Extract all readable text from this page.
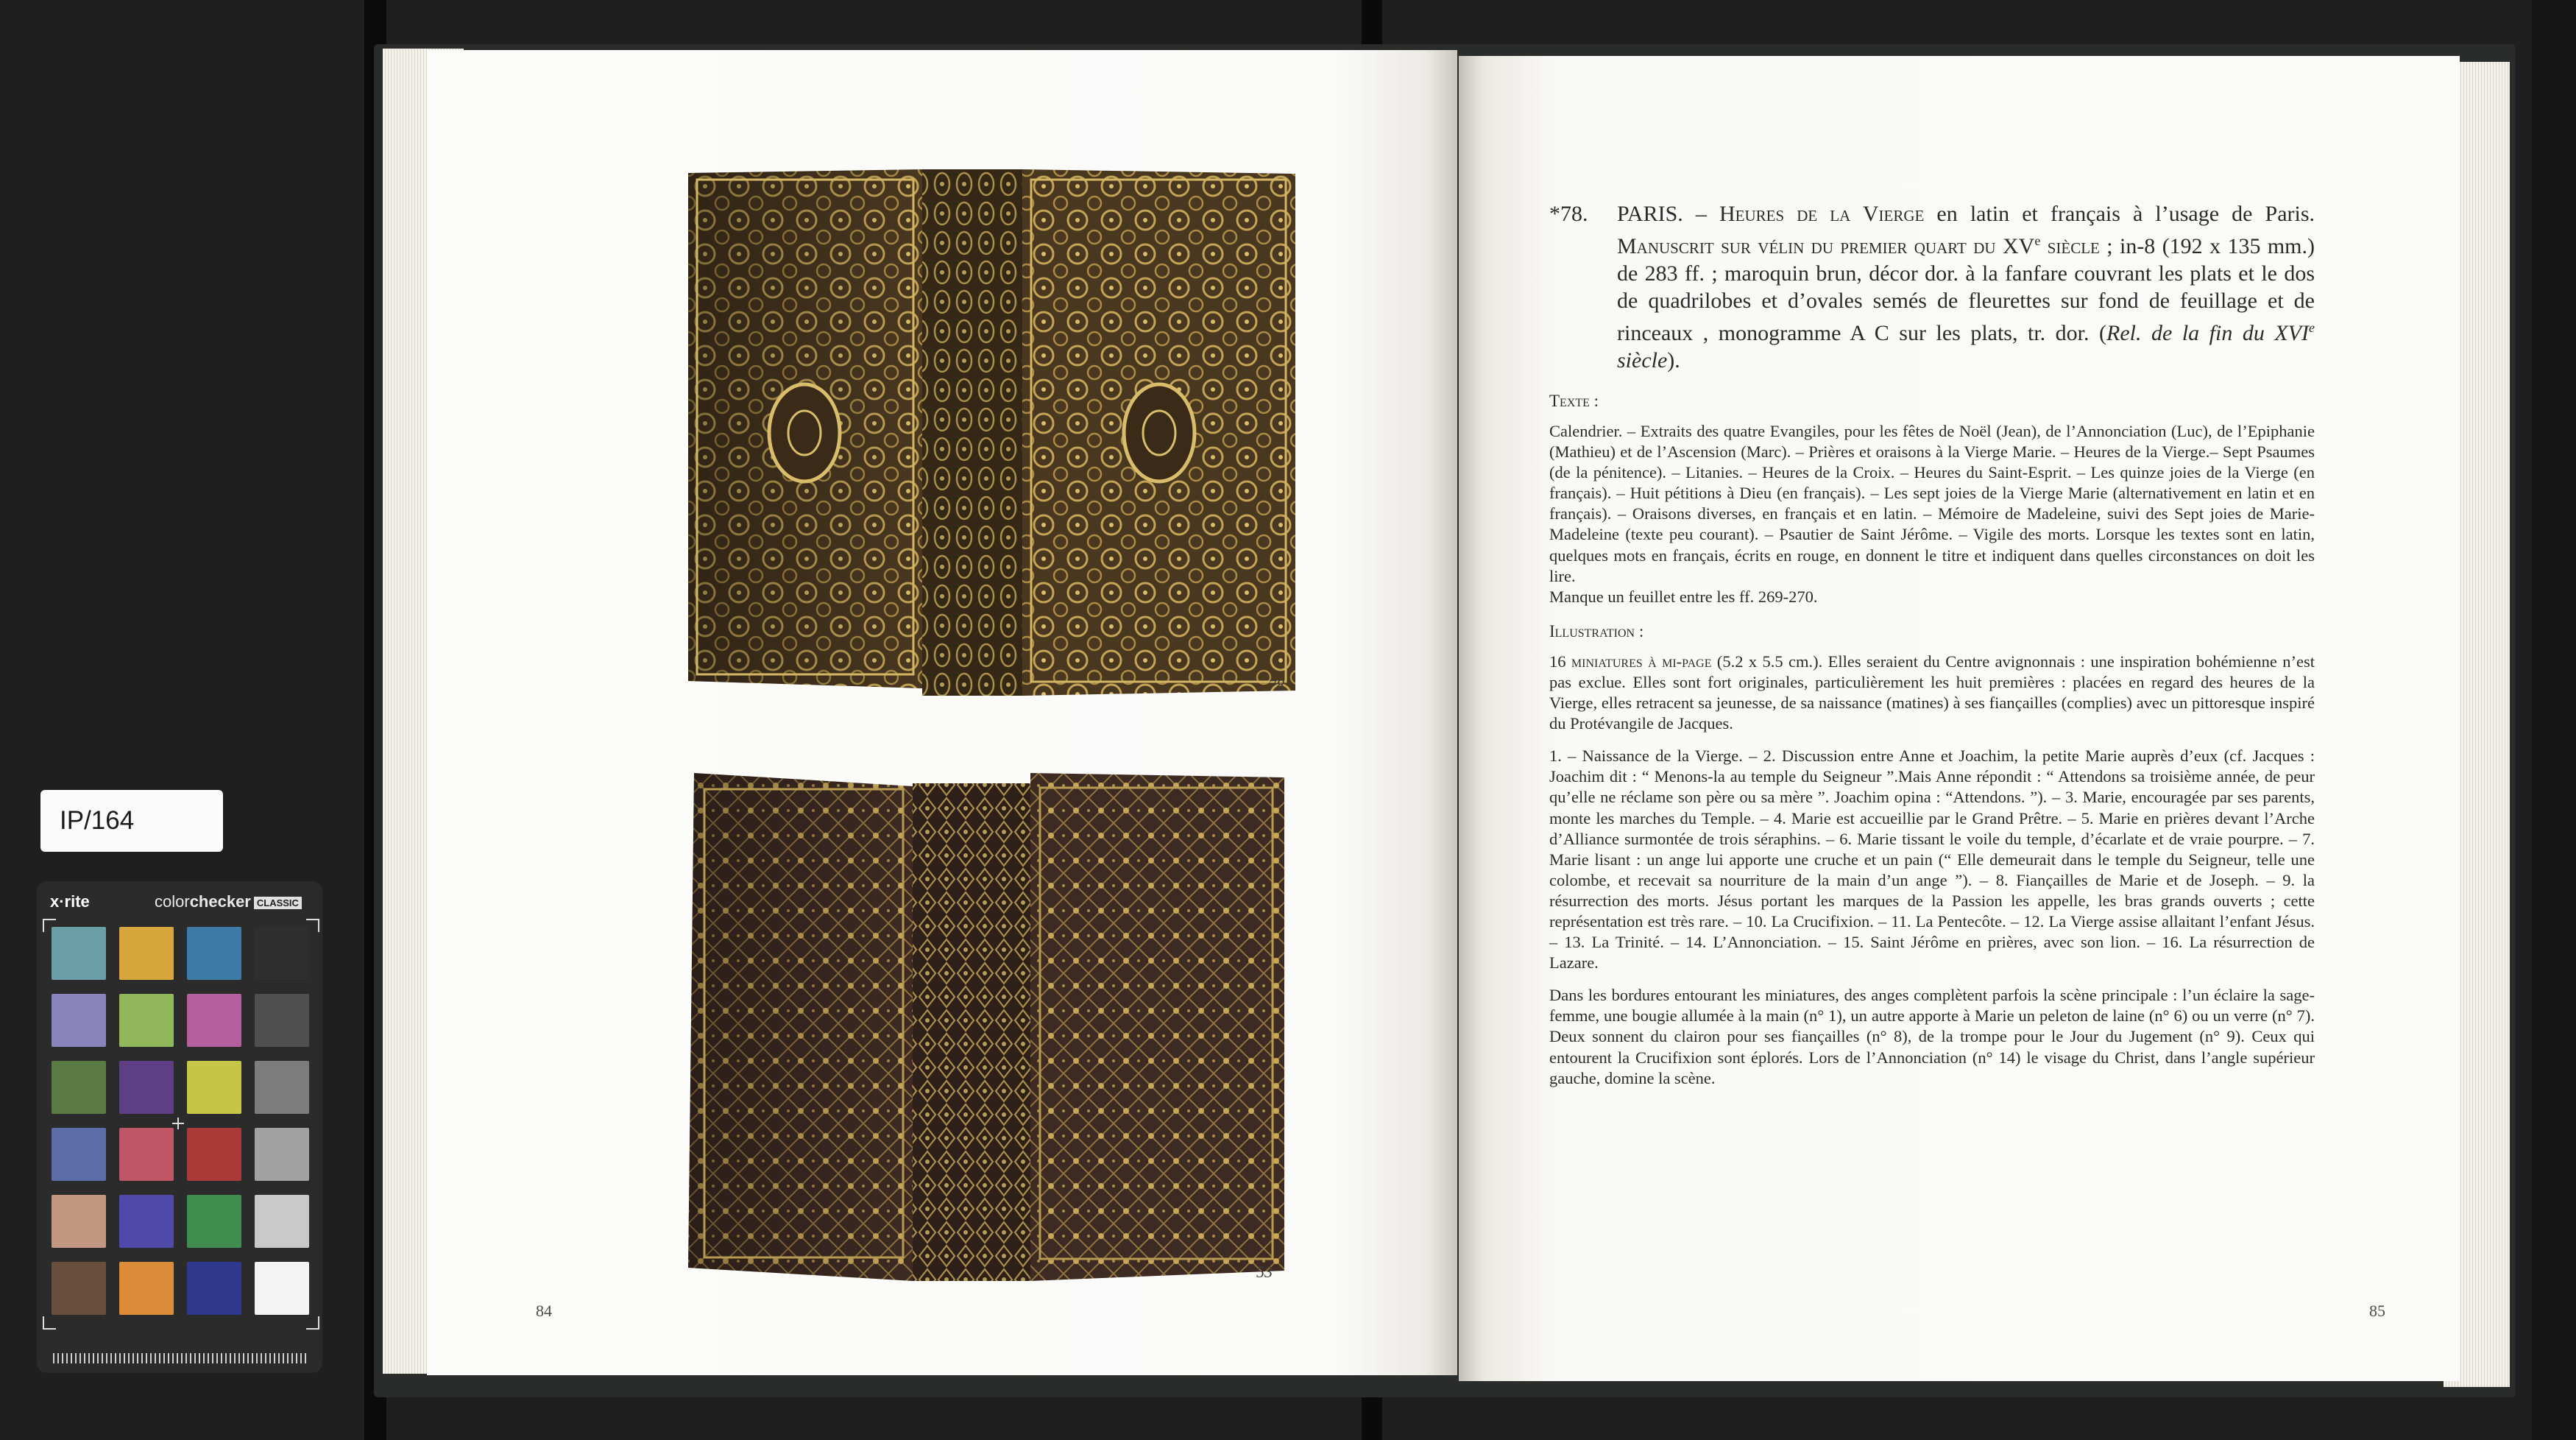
78
53
84	85
*78.	PARIS. – Heures de la Vierge en latin et français à l’usage de Paris. Manuscrit sur vélin du premier quart du XVe siècle ; in-8 (192 x 135 mm.) de 283 ff. ; maroquin brun, décor dor. à la fanfare couvrant les plats et le dos de quadrilobes et d’ovales semés de fleurettes sur fond de feuillage et de rinceaux , monogramme A C sur les plats, tr. dor. (Rel. de la fin du XVIe siècle).
Texte :

Calendrier. – Extraits des quatre Evangiles, pour les fêtes de Noël (Jean), de l’Annonciation (Luc), de l’Epiphanie (Mathieu) et de l’Ascension (Marc). – Prières et oraisons à la Vierge Marie. – Heures de la Vierge.– Sept Psaumes (de la pénitence). – Litanies. – Heures de la Croix. – Heures du Saint-Esprit. – Les quinze joies de la Vierge (en français). – Huit pétitions à Dieu (en français). – Les sept joies de la Vierge Marie (alternativement en latin et en français). – Oraisons diverses, en français et en latin. – Mémoire de Madeleine, suivi des Sept joies de Marie-Madeleine (texte peu courant). – Psautier de Saint Jérôme. – Vigile des morts. Lorsque les textes sont en latin, quelques mots en français, écrits en rouge, en donnent le titre et indiquent dans quelles circonstances on doit les lire.

Manque un feuillet entre les ff. 269-270.

Illustration :

16 miniatures à mi-page (5.2 x 5.5 cm.). Elles seraient du Centre avignonnais : une inspiration bohémienne n’est pas exclue. Elles sont fort originales, particulièrement les huit premières : placées en regard des heures de la Vierge, elles retracent sa jeunesse, de sa naissance (matines) à ses fiançailles (complies) avec un pittoresque inspiré du Protévangile de Jacques.

1. – Naissance de la Vierge. – 2. Discussion entre Anne et Joachim, la petite Marie auprès d’eux (cf. Jacques : Joachim dit : “ Menons-la au temple du Seigneur ”.Mais Anne répondit : “ Attendons sa troisième année, de peur qu’elle ne réclame son père ou sa mère ”. Joachim opina : “Attendons. ”). – 3. Marie, encouragée par ses parents, monte les marches du Temple. – 4. Marie est accueillie par le Grand Prêtre. – 5. Marie en prières devant l’Arche d’Alliance surmontée de trois séraphins. – 6. Marie tissant le voile du temple, d’écarlate et de vraie pourpre. – 7. Marie lisant : un ange lui apporte une cruche et un pain (“ Elle demeurait dans le temple du Seigneur, telle une colombe, et recevait sa nourriture de la main d’un ange ”). – 8. Fiançailles de Marie et de Joseph. – 9. la résurrection des morts. Jésus portant les marques de la Passion les appelle, les bras grands ouverts ; cette représentation est très rare. – 10. La Crucifixion. – 11. La Pentecôte. – 12. La Vierge assise allaitant l’enfant Jésus. – 13. La Trinité. – 14. L’Annonciation. – 15. Saint Jérôme en prières, avec son lion. – 16. La résurrection de Lazare.

Dans les bordures entourant les miniatures, des anges complètent parfois la scène principale : l’un éclaire la sage-femme, une bougie allumée à la main (n° 1), un autre apporte à Marie un peleton de laine (n° 6) ou un verre (n° 7). Deux sonnent du clairon pour ses fiançailles (n° 8), de la trompe pour le Jour du Jugement (n° 9). Ceux qui entourent la Crucifixion sont éplorés. Lors de l’Annonciation (n° 14) le visage du Christ, dans l’angle supérieur gauche, domine la scène.

IP/164
x·rite	colorchecker CLASSIC
